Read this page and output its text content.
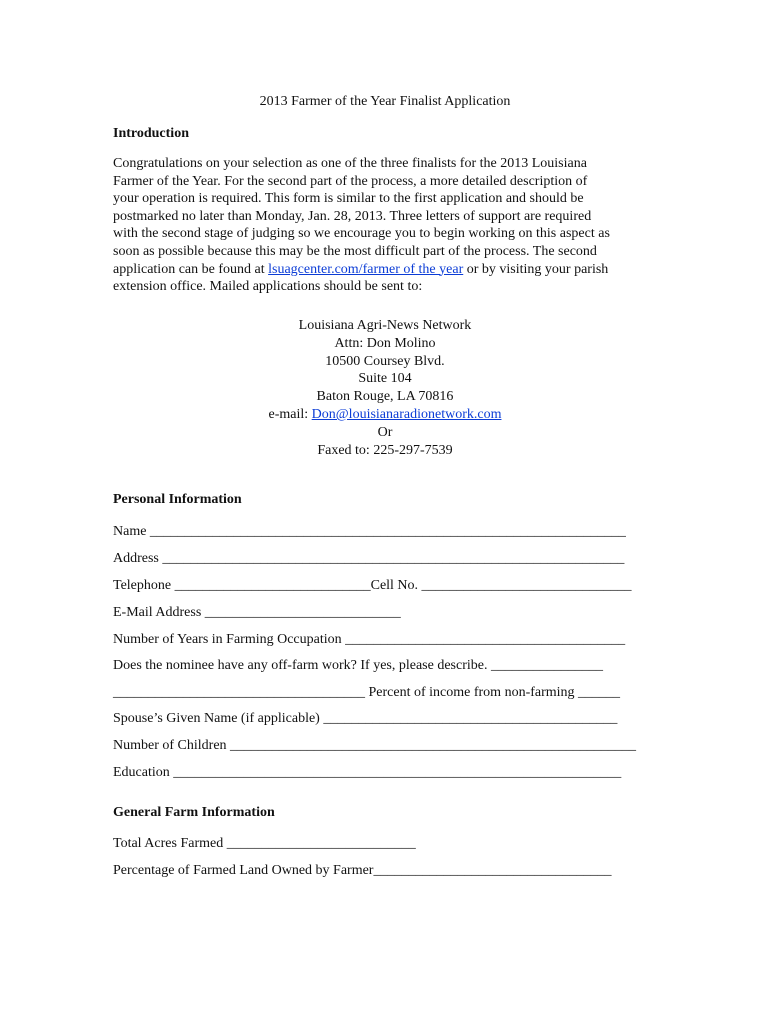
2013 Farmer of the Year Finalist Application
Introduction
Congratulations on your selection as one of the three finalists for the 2013 Louisiana
Farmer of the Year. For the second part of the process, a more detailed description of
your operation is required. This form is similar to the first application and should be
postmarked no later than Monday, Jan. 28, 2013. Three letters of support are required
with the second stage of judging so we encourage you to begin working on this aspect as
soon as possible because this may be the most difficult part of the process. The second
application can be found at lsuagcenter.com/farmer of the year or by visiting your parish
extension office. Mailed applications should be sent to:
Louisiana Agri-News Network
Attn: Don Molino
10500 Coursey Blvd.
Suite 104
Baton Rouge, LA 70816
e-mail: Don@louisianaradionetwork.com
Or
Faxed to: 225-297-7539
Personal Information
Name ____________________________________________________________________
Address __________________________________________________________________
Telephone ____________________________Cell No. ______________________________
E-Mail Address ____________________________
Number of Years in Farming Occupation ________________________________________
Does the nominee have any off-farm work? If yes, please describe. ________________
____________________________________ Percent of income from non-farming ______
Spouse’s Given Name (if applicable) __________________________________________
Number of Children __________________________________________________________
Education ________________________________________________________________
General Farm Information
Total Acres Farmed ___________________________
Percentage of Farmed Land Owned by Farmer__________________________________
